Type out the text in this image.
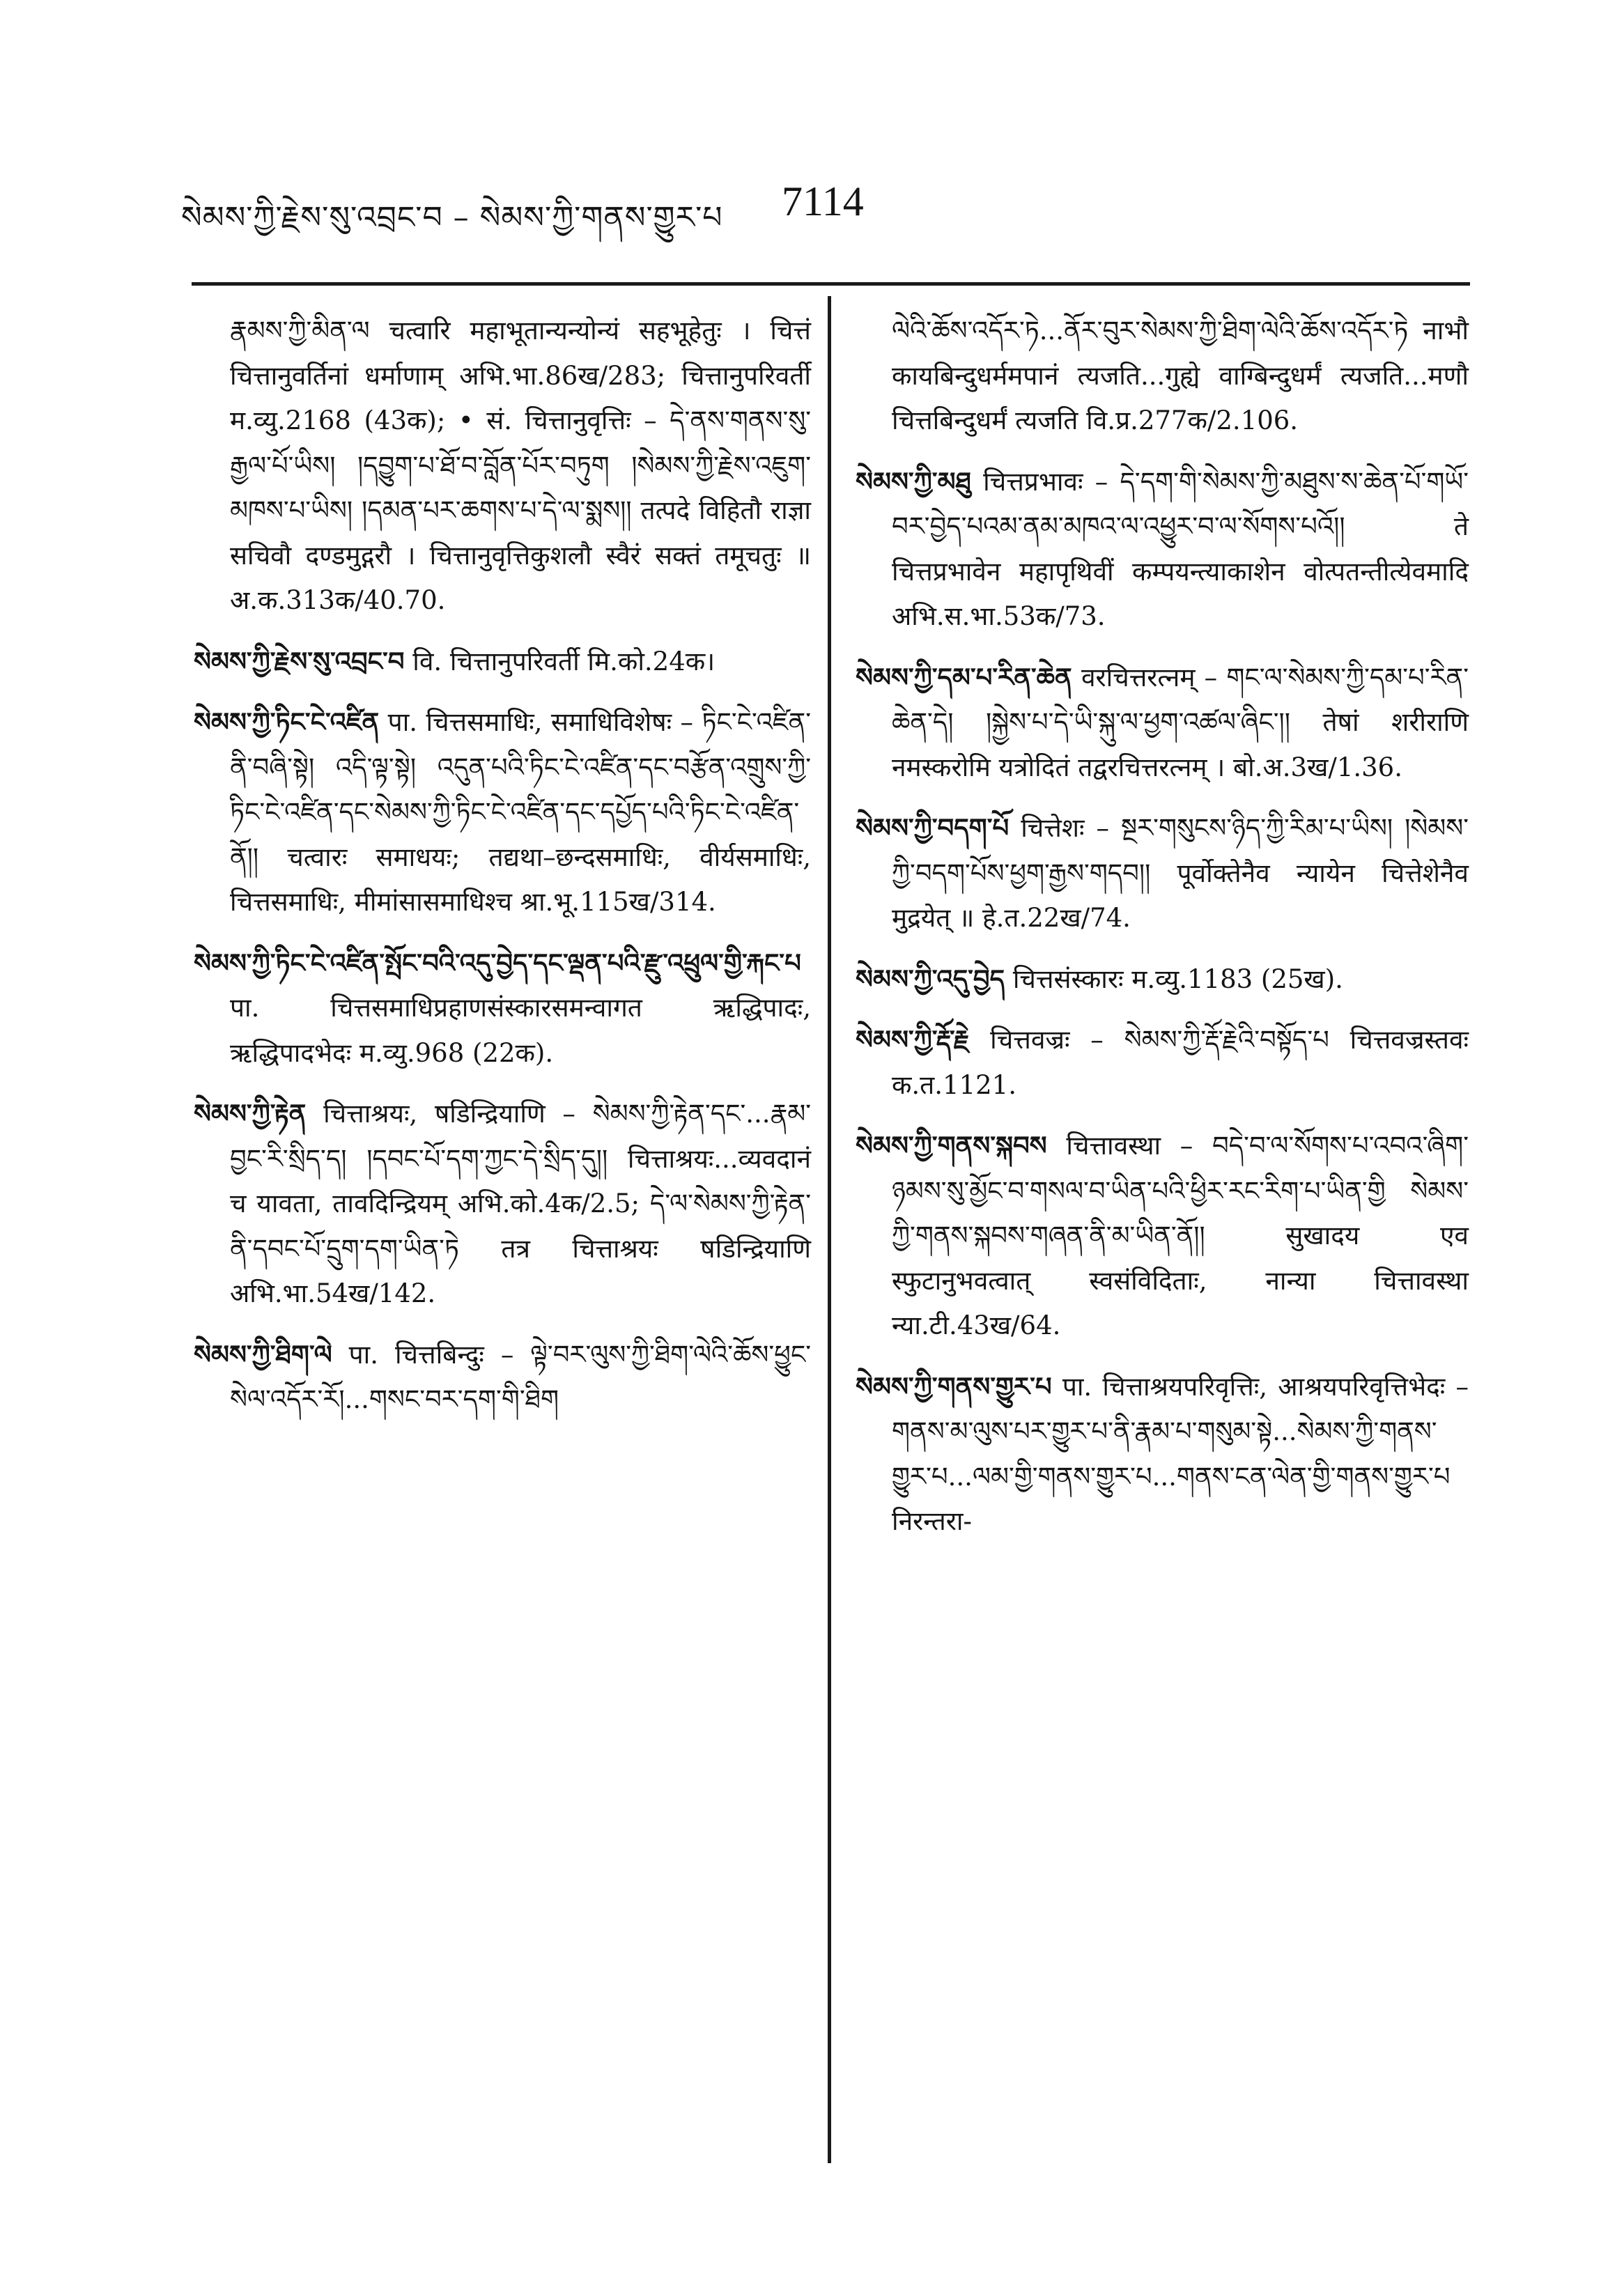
སེམས་ཀྱི་རྗེས་སུ་འབྲང་བ – སེམས་ཀྱི་གནས་གྱུར་པ 7114

རྣམས་ཀྱི་མིན་ལ चत्वारि महाभूतान्यन्योन्यं सहभूहेतुः । चित्तं चित्तानुवर्तिनां धर्माणाम् अभि.भा.86ख/283; चित्तानुपरिवर्ती म.व्यु.2168 (43क); • सं. चित्तानुवृत्तिः – དེ་ནས་གནས་སུ་རྒྱལ་པོ་ཡིས། །དབྱུག་པ་ཐོ་བ་བློན་པོར་བཏུག །སེམས་ཀྱི་རྗེས་འཇུག་མཁས་པ་ཡིས། །དམན་པར་ཆགས་པ་དེ་ལ་སྨས།། तत्पदे विहितौ राज्ञा सचिवौ दण्डमुद्गरौ । चित्तानुवृत्तिकुशलौ स्वैरं सक्तं तमूचतुः ॥ अ.क.313क/40.70.

སེམས་ཀྱི་རྗེས་སུ་འབྲང་བ वि. चित्तानुपरिवर्ती मि.को.24क।

སེམས་ཀྱི་ཏིང་ངེ་འཛིན पा. चित्तसमाधिः, समाधिविशेषः – ཏིང་ངེ་འཛིན་ནི་བཞི་སྟེ། འདི་ལྟ་སྟེ། འདུན་པའི་ཏིང་ངེ་འཛིན་དང་བརྩོན་འགྲུས་ཀྱི་ཏིང་ངེ་འཛིན་དང་སེམས་ཀྱི་ཏིང་ངེ་འཛིན་དང་དཔྱོད་པའི་ཏིང་ངེ་འཛིན་ནོ།། चत्वारः समाधयः; तद्यथा–छन्दसमाधिः, वीर्यसमाधिः, चित्तसमाधिः, मीमांसासमाधिश्च श्रा.भू.115ख/314.

སེམས་ཀྱི་ཏིང་ངེ་འཛིན་སྤོང་བའི་འདུ་བྱེད་དང་ལྡན་པའི་རྫུ་འཕྲུལ་གྱི་རྐང་པ पा. चित्तसमाधिप्रहाणसंस्कारसमन्वागत ऋद्धिपादः, ऋद्धिपादभेदः म.व्यु.968 (22क).

སེམས་ཀྱི་རྟེན चित्ताश्रयः, षडिन्द्रियाणि – སེམས་ཀྱི་རྟེན་དང་...རྣམ་བྱང་རི་སྲིད་ད། །དབང་པོ་དག་ཀྱང་དེ་སྲིད་དུ།། चित्ताश्रयः...व्यवदानं च यावता, तावदिन्द्रियम् अभि.को.4क/2.5; དེ་ལ་སེམས་ཀྱི་རྟེན་ནི་དབང་པོ་དྲུག་དག་ཡིན་ཏེ तत्र चित्ताश्रयः षडिन्द्रियाणि अभि.भा.54ख/142.

སེམས་ཀྱི་ཐིག་ལེ पा. चित्तबिन्दुः – ལྟེ་བར་ལུས་ཀྱི་ཐིག་ལེའི་ཆོས་ཕྱུང་སེལ་འདོར་རོ།...གསང་བར་དག་གི་ཐིག

ལེའི་ཆོས་འདོར་ཏེ...ནོར་བུར་སེམས་ཀྱི་ཐིག་ལེའི་ཆོས་འདོར་ཏེ नाभौ कायबिन्दुधर्ममपानं त्यजति...गुह्ये वाग्बिन्दुधर्मं त्यजति...मणौ चित्तबिन्दुधर्मं त्यजति वि.प्र.277क/2.106.

སེམས་ཀྱི་མཐུ चित्तप्रभावः – དེ་དག་གི་སེམས་ཀྱི་མཐུས་ས་ཆེན་པོ་གཡོ་བར་བྱེད་པའམ་ནམ་མཁའ་ལ་འཕྱུར་བ་ལ་སོགས་པའོ།། ते चित्तप्रभावेन महापृथिवीं कम्पयन्त्याकाशेन वोत्पतन्तीत्येवमादि अभि.स.भा.53क/73.

སེམས་ཀྱི་དམ་པ་རིན་ཆེན वरचित्तरत्नम् – གང་ལ་སེམས་ཀྱི་དམ་པ་རིན་ཆེན་དེ། །སྐྱེས་པ་དེ་ཡི་སྐུ་ལ་ཕྱག་འཚལ་ཞིང་།། तेषां शरीराणि नमस्करोमि यत्रोदितं तद्वरचित्तरत्नम् । बो.अ.3ख/1.36.

སེམས་ཀྱི་བདག་པོ चित्तेशः – སྔར་གསུངས་ཉིད་ཀྱི་རིམ་པ་ཡིས། །སེམས་ཀྱི་བདག་པོས་ཕྱག་རྒྱས་གདབ།། पूर्वोक्तेनैव न्यायेन चित्तेशेनैव मुद्रयेत् ॥ हे.त.22ख/74.

སེམས་ཀྱི་འདུ་བྱེད चित्तसंस्कारः म.व्यु.1183 (25ख).

སེམས་ཀྱི་རྡོ་རྗེ चित्तवज्रः – སེམས་ཀྱི་རྡོ་རྗེའི་བསྟོད་པ चित्तवज्रस्तवः क.त.1121.

སེམས་ཀྱི་གནས་སྐབས चित्तावस्था – བདེ་བ་ལ་སོགས་པ་འབའ་ཞིག་ཉམས་སུ་མྱོང་བ་གསལ་བ་ཡིན་པའི་ཕྱིར་རང་རིག་པ་ཡིན་གྱི སེམས་ཀྱི་གནས་སྐབས་གཞན་ནི་མ་ཡིན་ནོ།། सुखादय एव स्फुटानुभवत्वात् स्वसंविदिताः, नान्या चित्तावस्था न्या.टी.43ख/64.

སེམས་ཀྱི་གནས་གྱུར་པ पा. चित्ताश्रयपरिवृत्तिः, आश्रयपरिवृत्तिभेदः – གནས་མ་ལུས་པར་གྱུར་པ་ནི་རྣམ་པ་གསུམ་སྟེ...སེམས་ཀྱི་གནས་གྱུར་པ...ལམ་གྱི་གནས་གྱུར་པ...གནས་ངན་ལེན་གྱི་གནས་གྱུར་པ निरन्तरा-
